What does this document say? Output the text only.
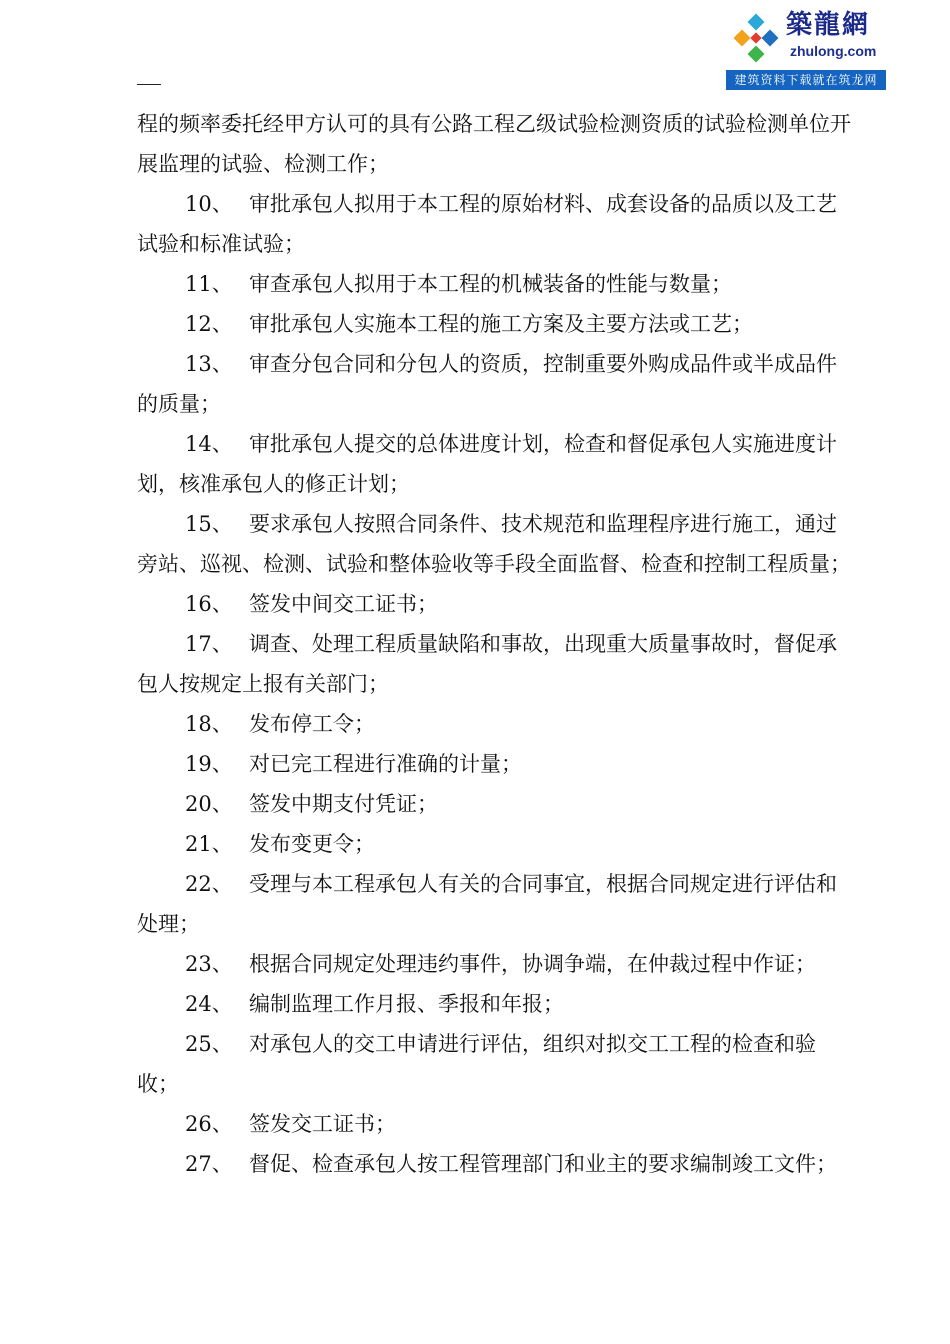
築龍網
zhulong.com
建筑资料下载就在筑龙网

程的频率委托经甲方认可的具有公路工程乙级试验检测资质的试验检测单位开展监理的试验、检测工作；

10、 审批承包人拟用于本工程的原始材料、成套设备的品质以及工艺试验和标准试验；

11、 审查承包人拟用于本工程的机械装备的性能与数量；

12、 审批承包人实施本工程的施工方案及主要方法或工艺；

13、 审查分包合同和分包人的资质，控制重要外购成品件或半成品件的质量；

14、 审批承包人提交的总体进度计划，检查和督促承包人实施进度计划，核准承包人的修正计划；

15、 要求承包人按照合同条件、技术规范和监理程序进行施工，通过旁站、巡视、检测、试验和整体验收等手段全面监督、检查和控制工程质量；

16、 签发中间交工证书；

17、 调查、处理工程质量缺陷和事故，出现重大质量事故时，督促承包人按规定上报有关部门；

18、 发布停工令；

19、 对已完工程进行准确的计量；

20、 签发中期支付凭证；

21、 发布变更令；

22、 受理与本工程承包人有关的合同事宜，根据合同规定进行评估和处理；

23、 根据合同规定处理违约事件，协调争端，在仲裁过程中作证；

24、 编制监理工作月报、季报和年报；

25、 对承包人的交工申请进行评估，组织对拟交工工程的检查和验收；

26、 签发交工证书；

27、 督促、检查承包人按工程管理部门和业主的要求编制竣工文件；
